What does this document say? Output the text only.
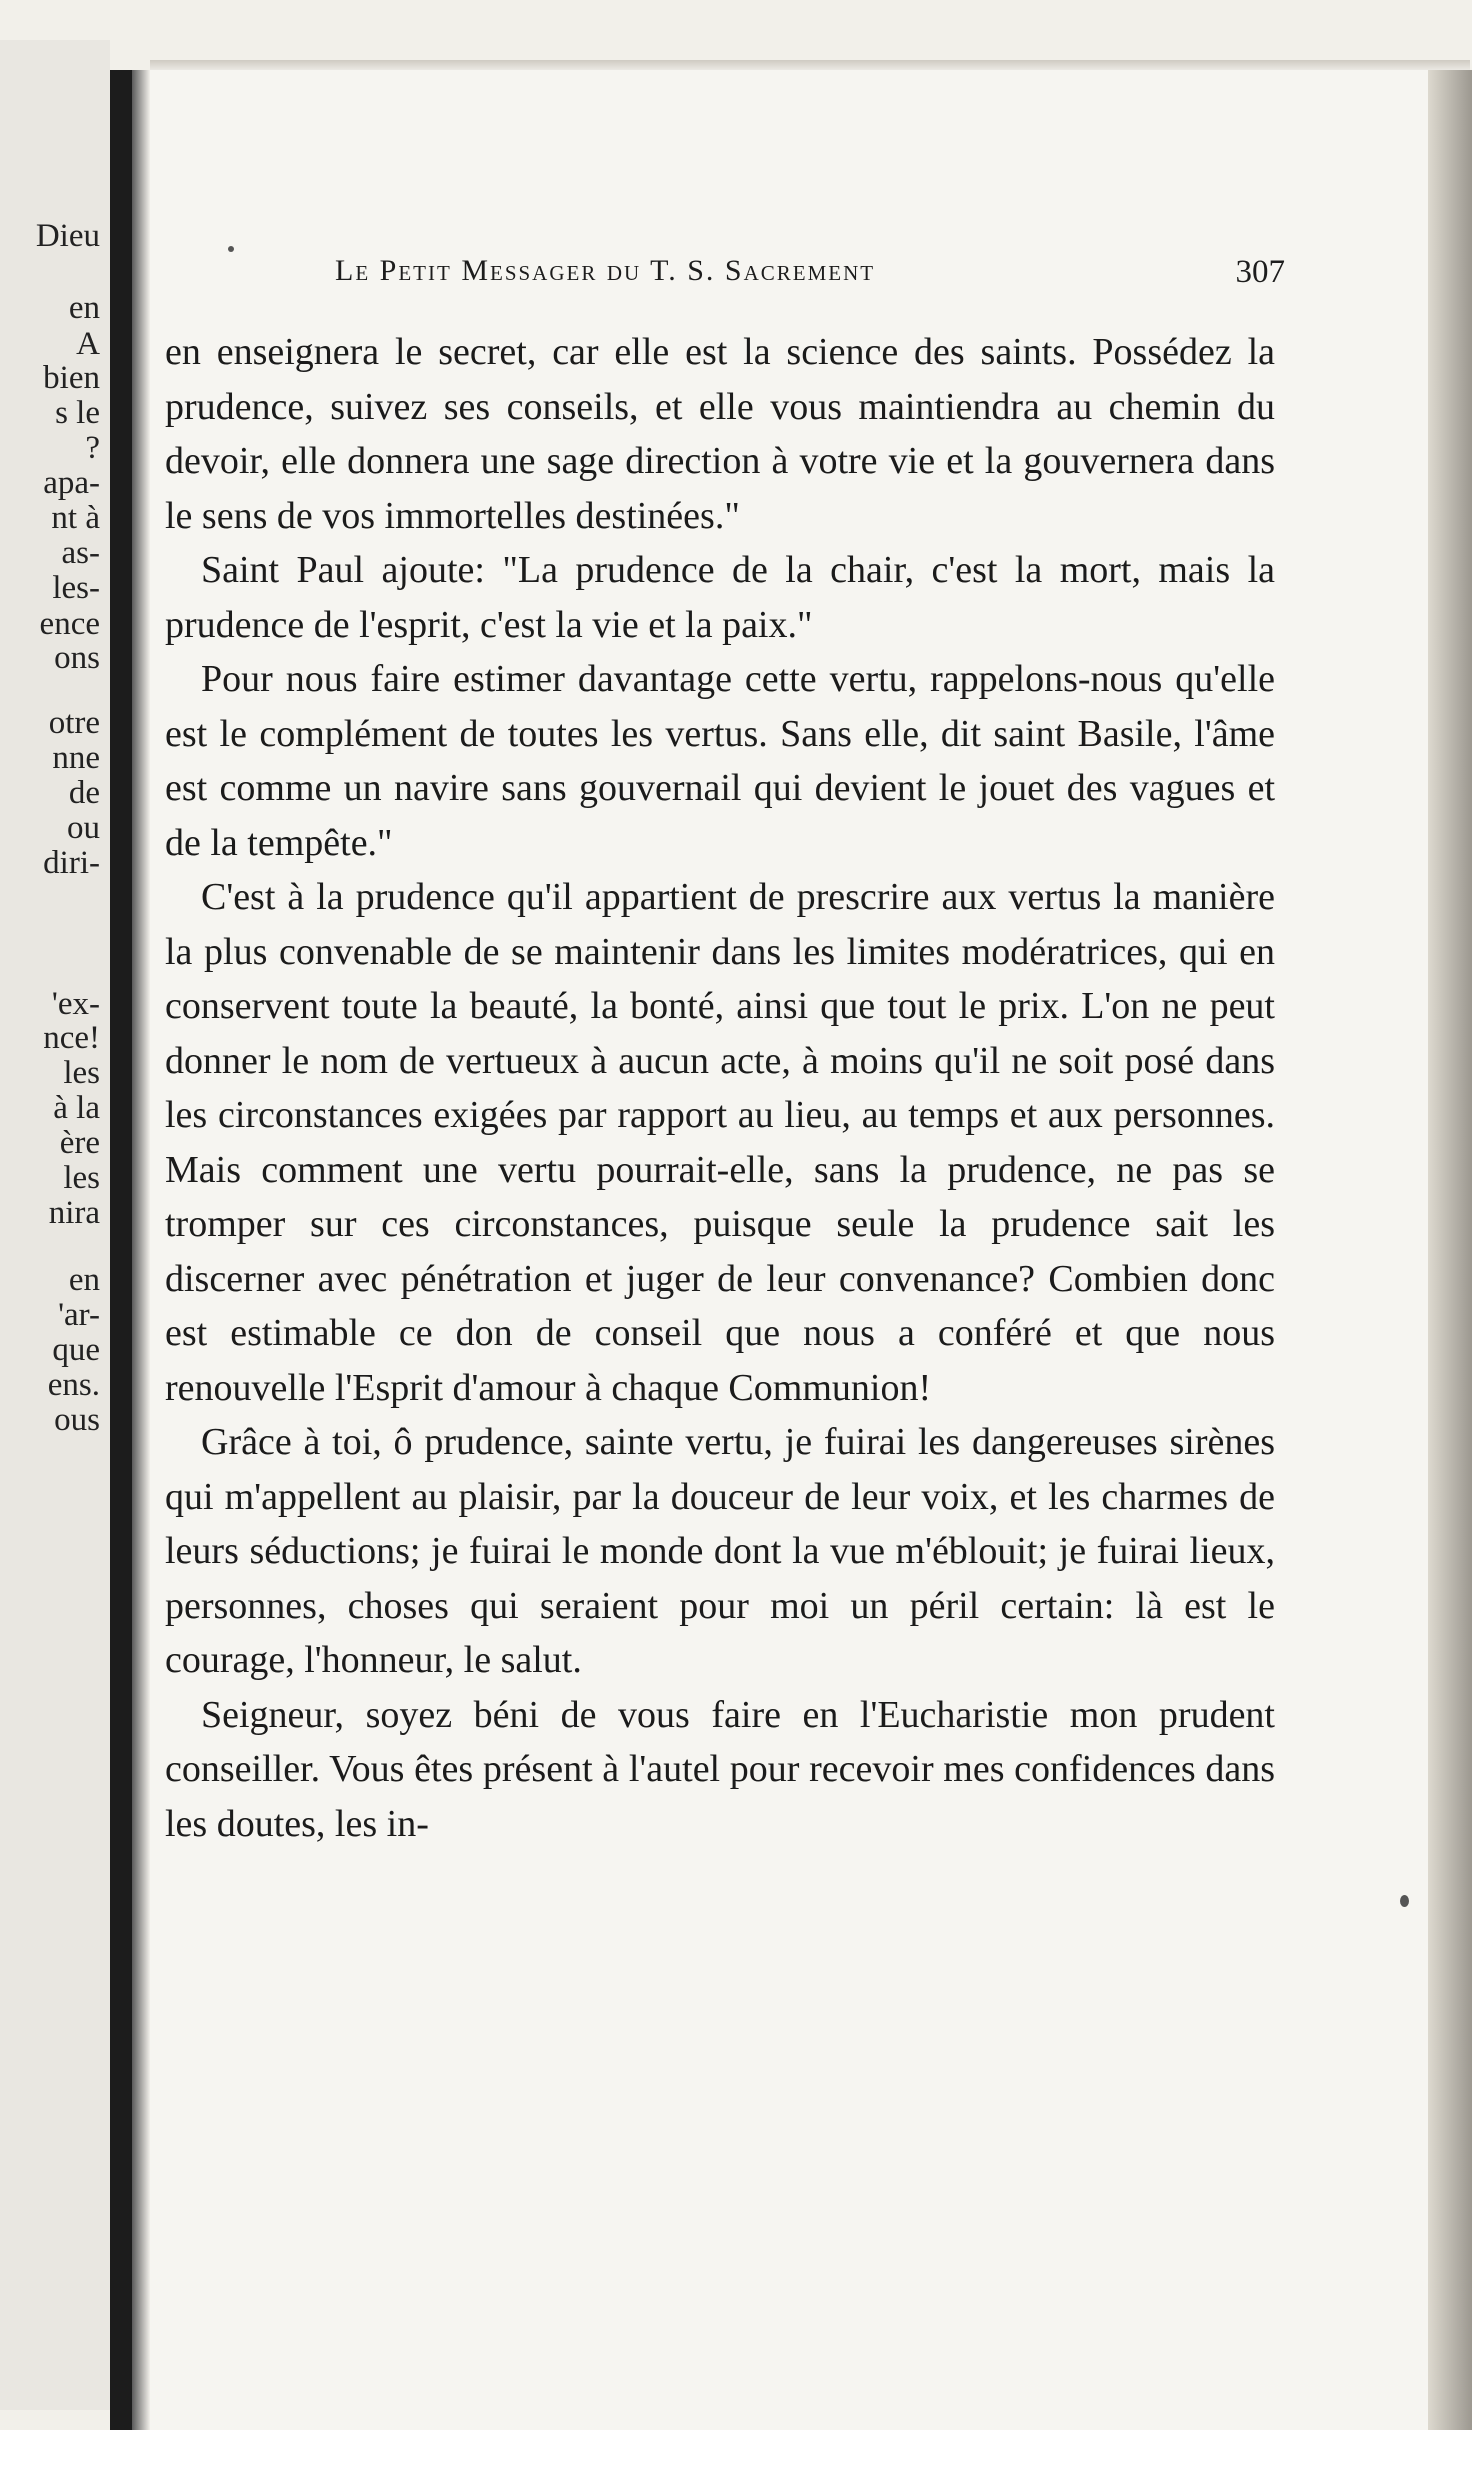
Dieu
en
A
bien
s le
?
apa-
nt à
as-
les-
ence
ons
otre
nne
de
ou
diri-
'ex-
nce!
les
à la
ère
les
nira
en
'ar-
que
ens.
ous
Le Petit Messager du T. S. Sacrement	307

en enseignera le secret, car elle est la science des saints. Possédez la prudence, suivez ses conseils, et elle vous maintiendra au chemin du devoir, elle donnera une sage direction à votre vie et la gouvernera dans le sens de vos immortelles destinées."

Saint Paul ajoute: "La prudence de la chair, c'est la mort, mais la prudence de l'esprit, c'est la vie et la paix."

Pour nous faire estimer davantage cette vertu, rappelons-nous qu'elle est le complément de toutes les vertus. Sans elle, dit saint Basile, l'âme est comme un navire sans gouvernail qui devient le jouet des vagues et de la tempête."

C'est à la prudence qu'il appartient de prescrire aux vertus la manière la plus convenable de se maintenir dans les limites modératrices, qui en conservent toute la beauté, la bonté, ainsi que tout le prix. L'on ne peut donner le nom de vertueux à aucun acte, à moins qu'il ne soit posé dans les circonstances exigées par rapport au lieu, au temps et aux personnes. Mais comment une vertu pourrait-elle, sans la prudence, ne pas se tromper sur ces circonstances, puisque seule la prudence sait les discerner avec pénétration et juger de leur convenance? Combien donc est estimable ce don de conseil que nous a conféré et que nous renouvelle l'Esprit d'amour à chaque Communion!

Grâce à toi, ô prudence, sainte vertu, je fuirai les dangereuses sirènes qui m'appellent au plaisir, par la douceur de leur voix, et les charmes de leurs séductions; je fuirai le monde dont la vue m'éblouit; je fuirai lieux, personnes, choses qui seraient pour moi un péril certain: là est le courage, l'honneur, le salut.

Seigneur, soyez béni de vous faire en l'Eucharistie mon prudent conseiller. Vous êtes présent à l'autel pour recevoir mes confidences dans les doutes, les in-
